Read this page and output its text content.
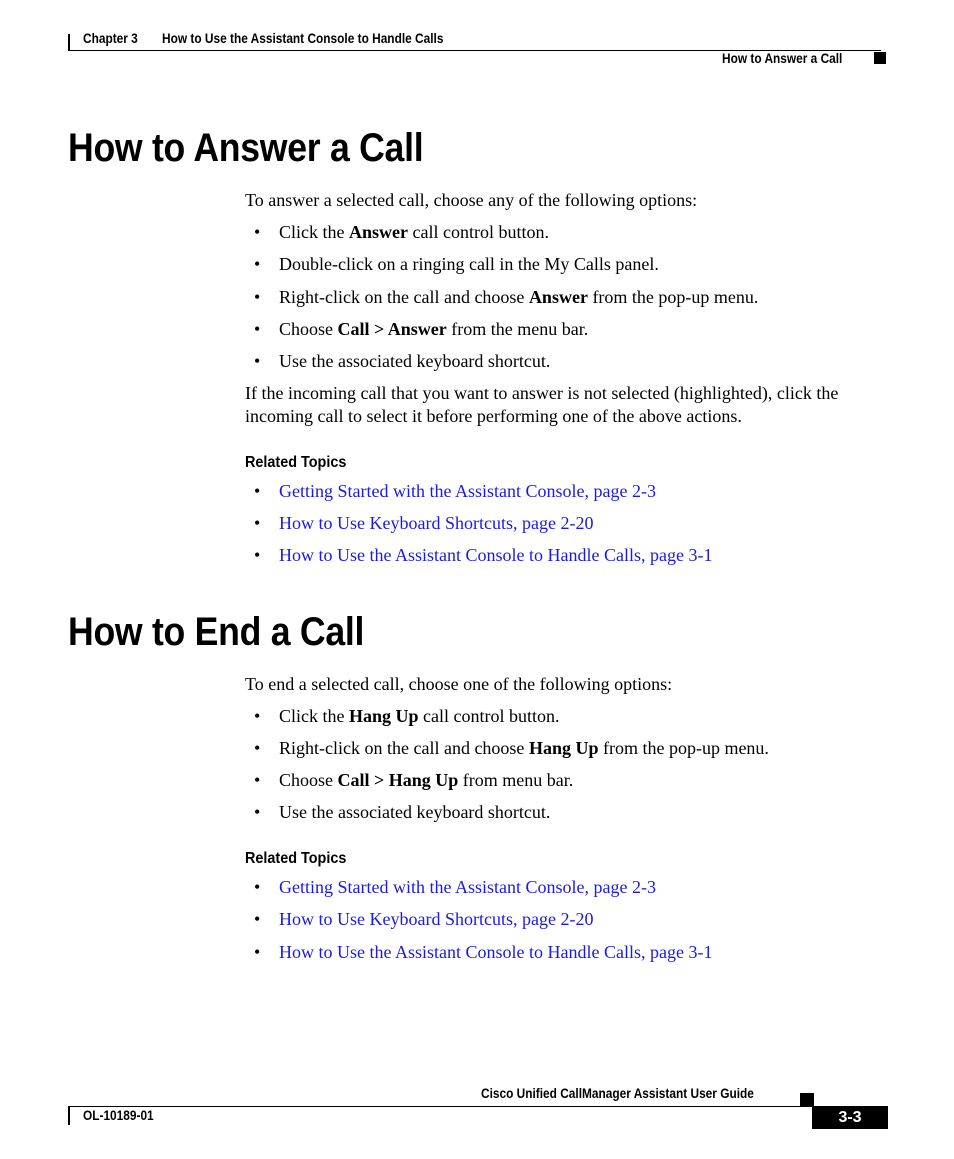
Chapter 3 How to Use the Assistant Console to Handle Calls
How to Answer a Call
How to Answer a Call
To answer a selected call, choose any of the following options:
• Click the Answer call control button.
• Double-click on a ringing call in the My Calls panel.
• Right-click on the call and choose Answer from the pop-up menu.
• Choose Call > Answer from the menu bar.
• Use the associated keyboard shortcut.
If the incoming call that you want to answer is not selected (highlighted), click the incoming call to select it before performing one of the above actions.
Related Topics
• Getting Started with the Assistant Console, page 2-3
• How to Use Keyboard Shortcuts, page 2-20
• How to Use the Assistant Console to Handle Calls, page 3-1
How to End a Call
To end a selected call, choose one of the following options:
• Click the Hang Up call control button.
• Right-click on the call and choose Hang Up from the pop-up menu.
• Choose Call > Hang Up from menu bar.
• Use the associated keyboard shortcut.
Related Topics
• Getting Started with the Assistant Console, page 2-3
• How to Use Keyboard Shortcuts, page 2-20
• How to Use the Assistant Console to Handle Calls, page 3-1
Cisco Unified CallManager Assistant User Guide
OL-10189-01	3-3
